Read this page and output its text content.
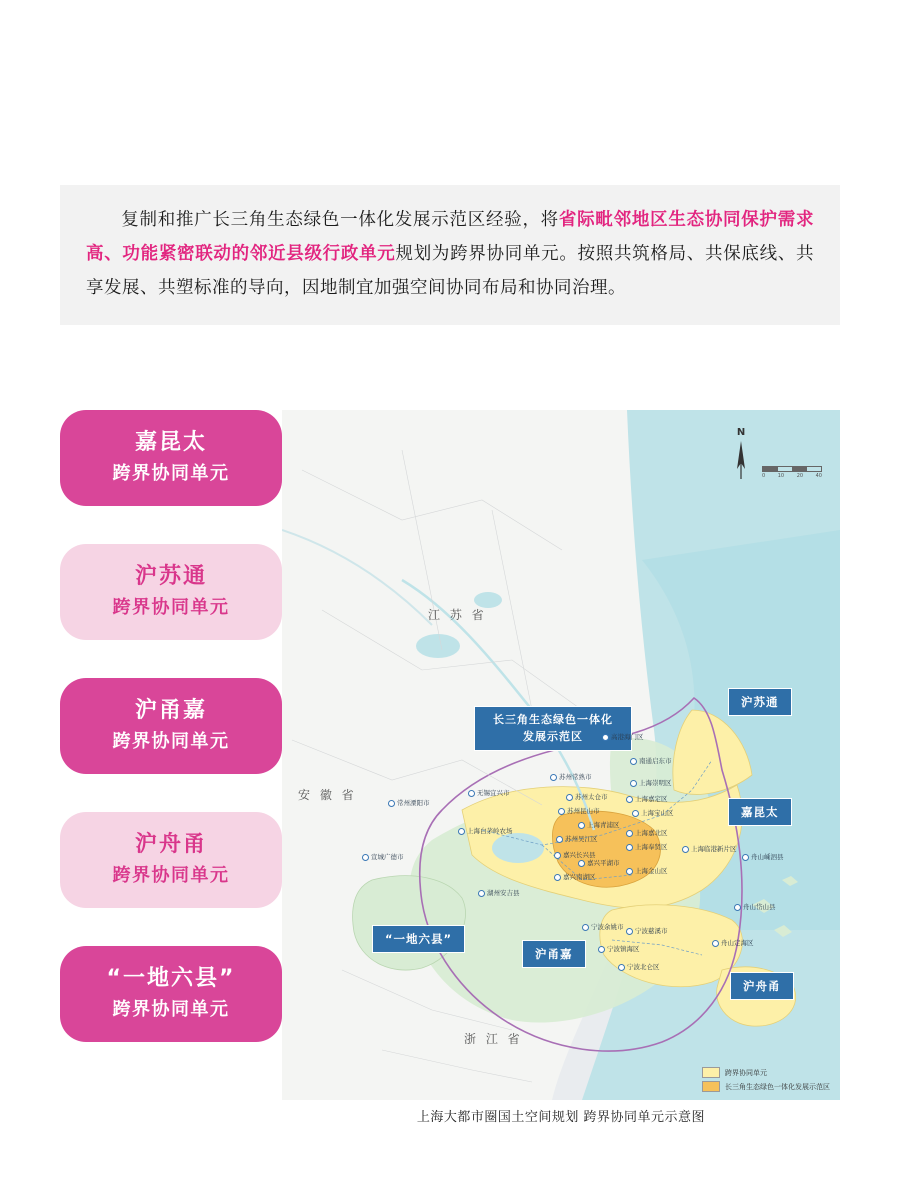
复制和推广长三角生态绿色一体化发展示范区经验，将省际毗邻地区生态协同保护需求高、功能紧密联动的邻近县级行政单元规划为跨界协同单元。按照共筑格局、共保底线、共享发展、共塑标准的导向，因地制宜加强空间协同布局和协同治理。

嘉昆太
跨界协同单元
沪苏通
跨界协同单元
沪甬嘉
跨界协同单元
沪舟甬
跨界协同单元
“一地六县”
跨界协同单元
N
0	10	20	40
江 苏 省
安 徽 省
浙 江 省
沪苏通
嘉昆太
沪甬嘉
沪舟甬
“一地六县”
长三角生态绿色一体化
发展示范区	高港海门区
南通启东市
苏州常熟市
上海崇明区
苏州太仓市	上海嘉定区
上海宝山区
无锡宜兴市
苏州昆山市
上海青浦区
上海白茅岭农场
苏州吴江区
上海嘉北区
上海奉贤区	上海临港新片区
嘉兴长兴县
嘉兴平湖市
上海金山区
嘉兴南湖区
湖州安吉县
宁波余姚市	宁波慈溪市
宁波镇海区
宁波北仑区
舟山定海区
舟山嵊泗县
舟山岱山县
常州溧阳市
宣城广德市
跨界协同单元
长三角生态绿色一体化发展示范区
上海大都市圈国土空间规划 跨界协同单元示意图
